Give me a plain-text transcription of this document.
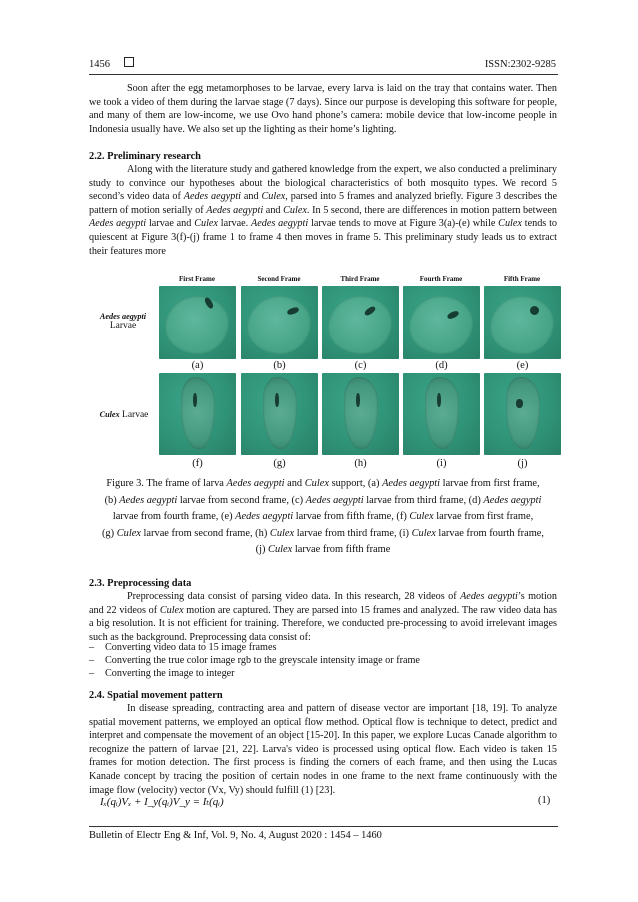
1456	ISSN:2302-9285
Soon after the egg metamorphoses to be larvae, every larva is laid on the tray that contains water. Then we took a video of them during the larvae stage (7 days). Since our purpose is developing this software for people, and many of them are low-income, we use Ovo hand phone’s camera: mobile device that low-income people in Indonesia usually have. We also set up the lighting as their home’s lighting.
2.2. Preliminary research
Along with the literature study and gathered knowledge from the expert, we also conducted a preliminary study to convince our hypotheses about the biological characteristics of both mosquito types. We record 5 second’s video data of Aedes aegypti and Culex, parsed into 5 frames and analyzed briefly. Figure 3 describes the pattern of motion serially of Aedes aegypti and Culex. In 5 second, there are differences in motion pattern between Aedes aegypti larvae and Culex larvae. Aedes aegypti larvae tends to move at Figure 3(a)-(e) while Culex tends to quiescent at Figure 3(f)-(j) frame 1 to frame 4 then moves in frame 5. This preliminary study leads us to extract their features more
First Frame	Second Frame	Third Frame	Fourth Frame	Fifth Frame
Aedes aegypti
Larvae
Culex Larvae
(a)	(b)	(c)	(d)	(e)
(f)	(g)	(h)	(i)	(j)
Figure 3. The frame of larva Aedes aegypti and Culex support, (a) Aedes aegypti larvae from first frame,
(b) Aedes aegypti larvae from second frame, (c) Aedes aegypti larvae from third frame, (d) Aedes aegypti
larvae from fourth frame, (e) Aedes aegypti larvae from fifth frame, (f) Culex larvae from first frame,
(g) Culex larvae from second frame, (h) Culex larvae from third frame, (i) Culex larvae from fourth frame,
(j) Culex larvae from fifth frame
2.3. Preprocessing data
Preprocessing data consist of parsing video data. In this research, 28 videos of Aedes aegypti’s motion and 22 videos of Culex motion are captured. They are parsed into 15 frames and analyzed. The raw video data has a big resolution. It is not efficient for training. Therefore, we conducted pre-processing to avoid irrelevant images such as the background. Preprocessing data consist of:
– Converting video data to 15 image frames
– Converting the true color image rgb to the greyscale intensity image or frame
– Converting the image to integer
2.4. Spatial movement pattern
In disease spreading, contracting area and pattern of disease vector are important [18, 19]. To analyze spatial movement patterns, we employed an optical flow method. Optical flow is technique to detect, predict and interpret and compensate the movement of an object [15-20]. In this paper, we explore Lucas Canade algorithm to recognize the pattern of larvae [21, 22]. Larva's video is processed using optical flow. Each video is taken 15 frames for motion detection. The first process is finding the corners of each frame, and then using the Lucas Kanade concept by tracing the position of certain nodes in one frame to the next frame continuously with the image flow (velocity) vector (Vx, Vy) should fulfill (1) [23].
Iₓ(qᵢ)Vₓ + I_y(qᵢ)V_y = Iₜ(qᵢ)	(1)
Bulletin of Electr Eng & Inf, Vol. 9, No. 4, August 2020 : 1454 – 1460
